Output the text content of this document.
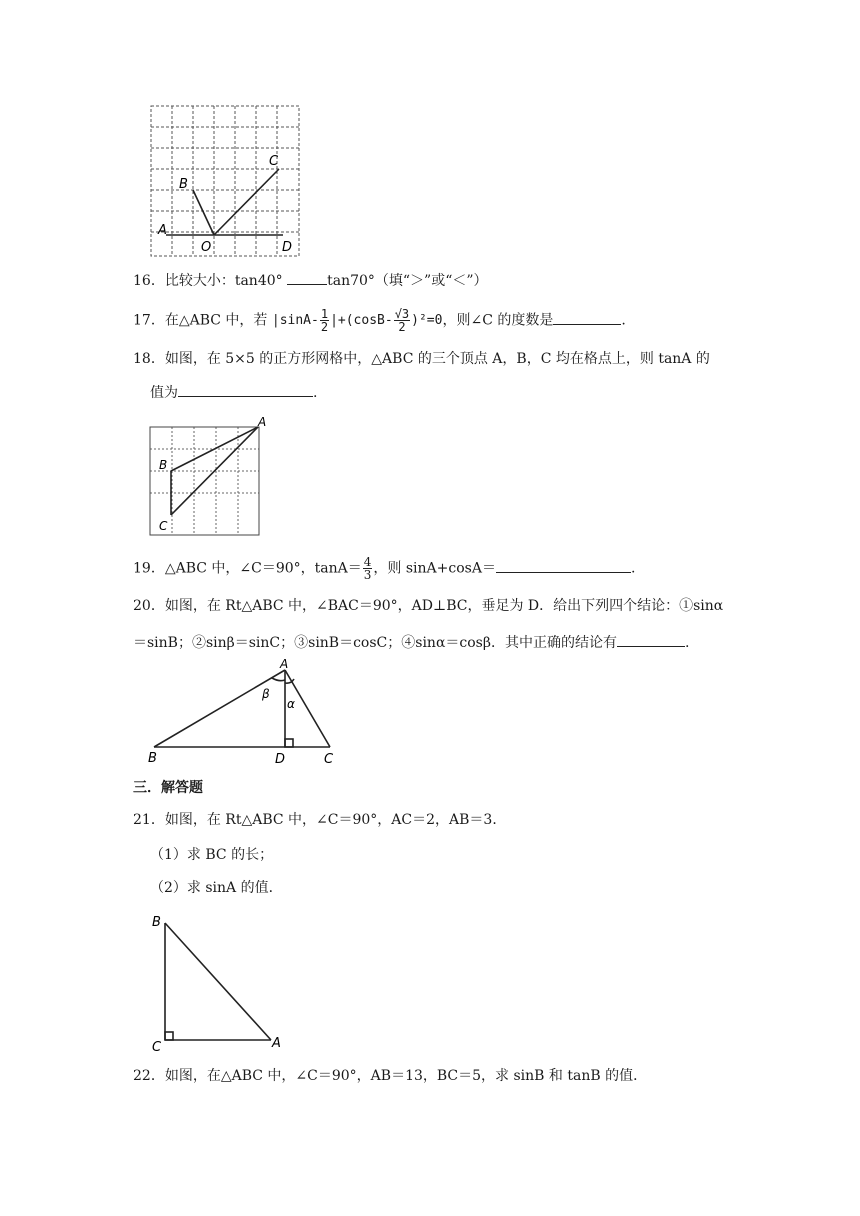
A
B
C
O	D
16．比较大小：tan40°	tan70°（填“＞”或“＜”）
17．在△ABC 中，若 $|\sin A- \frac{1}{2} |+(\cos B- \frac{√3}{2} )^2=0$，则∠C 的度数是	.
18．如图，在 5×5 的正方形网格中，△ABC 的三个顶点 A，B，C 均在格点上，则 tanA 的
值为	.
A
B
C
19．△ABC 中，∠C＝90°，$\tan A= \frac{4}{3}$ ，则 sinA+cosA＝	.
20．如图，在 Rt△ABC 中，∠BAC＝90°，AD⊥BC，垂足为 D．给出下列四个结论：①sinα
＝sinB；②sinβ＝sinC；③sinB＝cosC；④sinα＝cosβ．其中正确的结论有	.
A
B	C
D
α
β
三．解答题
21．如图，在 Rt△ABC 中，∠C＝90°，AC＝2，AB＝3．
（1）求 BC 的长；
（2）求 sinA 的值．
B
C	A
22．如图，在△ABC 中，∠C＝90°，AB＝13，BC＝5，求 sinB 和 tanB 的值．
